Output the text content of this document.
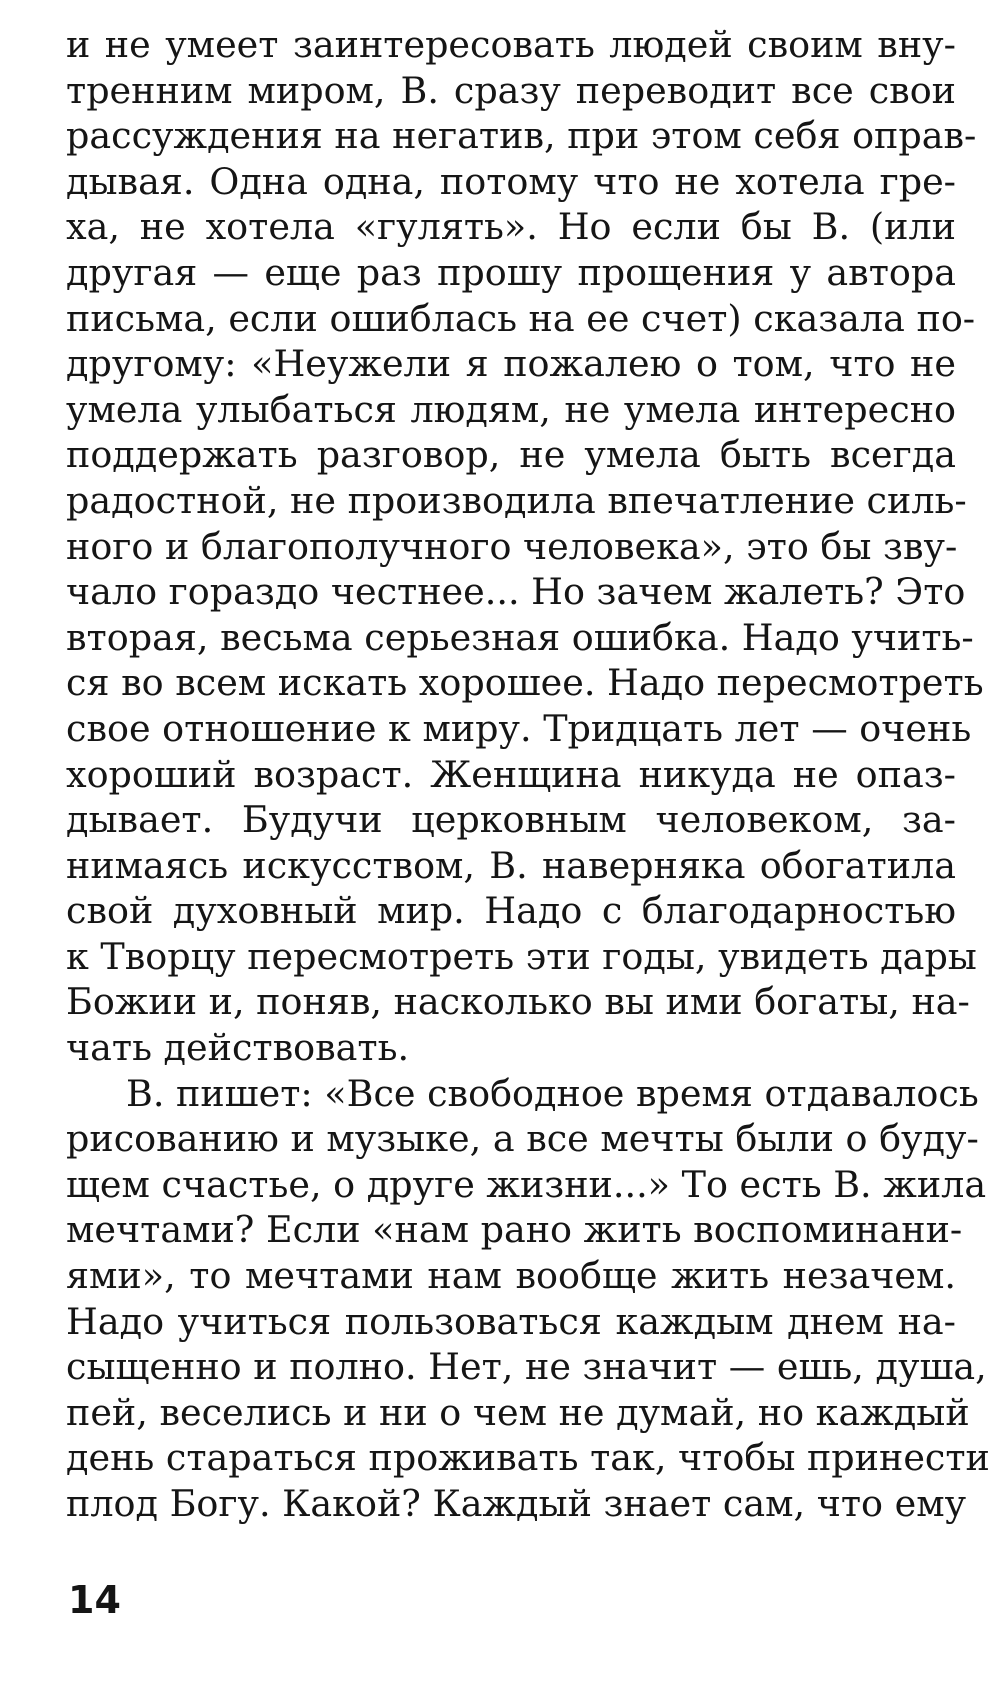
и не умеет заинтересовать людей своим вну-
тренним миром, В. сразу переводит все свои
рассуждения на негатив, при этом себя оправ-
дывая. Одна одна, потому что не хотела гре-
ха, не хотела «гулять». Но если бы В. (или
другая — еще раз прошу прощения у автора
письма, если ошиблась на ее счет) сказала по-
другому: «Неужели я пожалею о том, что не
умела улыбаться людям, не умела интересно
поддержать разговор, не умела быть всегда
радостной, не производила впечатление силь-
ного и благополучного человека», это бы зву-
чало гораздо честнее... Но зачем жалеть? Это
вторая, весьма серьезная ошибка. Надо учить-
ся во всем искать хорошее. Надо пересмотреть
свое отношение к миру. Тридцать лет — очень
хороший возраст. Женщина никуда не опаз-
дывает. Будучи церковным человеком, за-
нимаясь искусством, В. наверняка обогатила
свой духовный мир. Надо с благодарностью
к Творцу пересмотреть эти годы, увидеть дары
Божии и, поняв, насколько вы ими богаты, на-
чать действовать.
В. пишет: «Все свободное время отдавалось
рисованию и музыке, а все мечты были о буду-
щем счастье, о друге жизни...» То есть В. жила
мечтами? Если «нам рано жить воспоминани-
ями», то мечтами нам вообще жить незачем.
Надо учиться пользоваться каждым днем на-
сыщенно и полно. Нет, не значит — ешь, душа,
пей, веселись и ни о чем не думай, но каждый
день стараться проживать так, чтобы принести
плод Богу. Какой? Каждый знает сам, что ему
14
